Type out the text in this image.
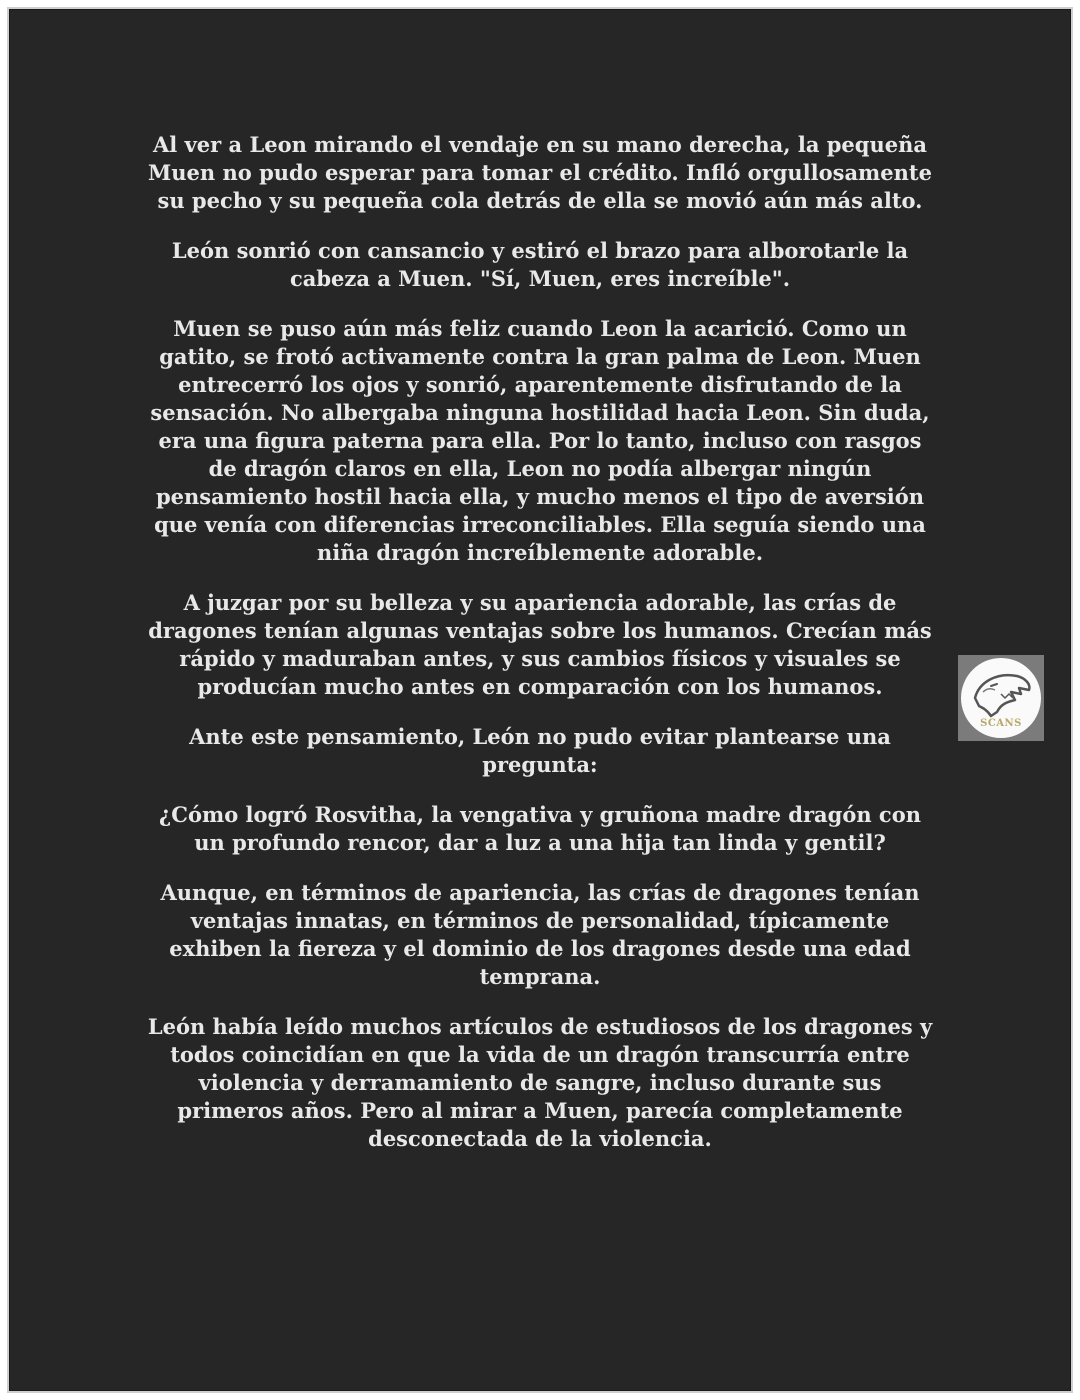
Al ver a Leon mirando el vendaje en su mano derecha, la pequeña Muen no pudo esperar para tomar el crédito. Infló orgullosamente su pecho y su pequeña cola detrás de ella se movió aún más alto.

León sonrió con cansancio y estiró el brazo para alborotarle la cabeza a Muen. "Sí, Muen, eres increíble".

Muen se puso aún más feliz cuando Leon la acarició. Como un gatito, se frotó activamente contra la gran palma de Leon. Muen entrecerró los ojos y sonrió, aparentemente disfrutando de la sensación. No albergaba ninguna hostilidad hacia Leon. Sin duda, era una figura paterna para ella. Por lo tanto, incluso con rasgos de dragón claros en ella, Leon no podía albergar ningún pensamiento hostil hacia ella, y mucho menos el tipo de aversión que venía con diferencias irreconciliables. Ella seguía siendo una niña dragón increíblemente adorable.

A juzgar por su belleza y su apariencia adorable, las crías de dragones tenían algunas ventajas sobre los humanos. Crecían más rápido y maduraban antes, y sus cambios físicos y visuales se producían mucho antes en comparación con los humanos.

Ante este pensamiento, León no pudo evitar plantearse una pregunta:

¿Cómo logró Rosvitha, la vengativa y gruñona madre dragón con un profundo rencor, dar a luz a una hija tan linda y gentil?

Aunque, en términos de apariencia, las crías de dragones tenían ventajas innatas, en términos de personalidad, típicamente exhiben la fiereza y el dominio de los dragones desde una edad temprana.

León había leído muchos artículos de estudiosos de los dragones y todos coincidían en que la vida de un dragón transcurría entre violencia y derramamiento de sangre, incluso durante sus primeros años. Pero al mirar a Muen, parecía completamente desconectada de la violencia.

SCANS
